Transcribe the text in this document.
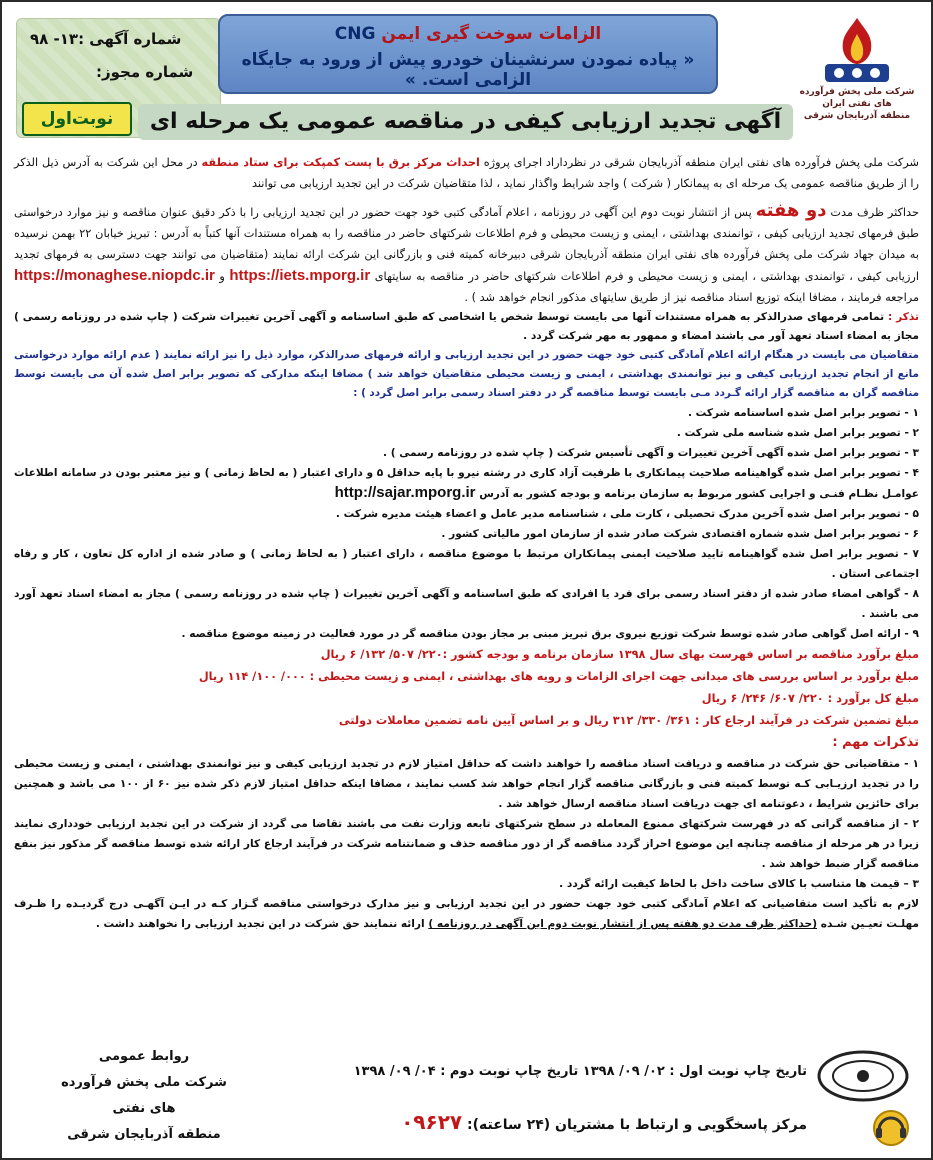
شماره آگهی :۱۳- ۹۸
شماره مجوز:
نوبت‌اول
الزامات سوخت گیری ایمن CNG
« پیاده نمودن سرنشینان خودرو پیش از ورود به جایگاه الزامی است. »
شرکت ملی پخش فرآورده های نفتی ایران
منطقه آذربایجان شرقی
آگهی تجدید ارزیابی کیفی در مناقصه عمومی یک مرحله ای

شرکت ملی پخش فرآورده های نفتی ایران منطقه آذربایجان شرقی در نظرداراد اجرای پروژه احداث مرکز برق با پست کمپکت برای ستاد منطقه در محل این شرکت به آدرس ذیل الذکر را از طریق مناقصه عمومی یک مرحله ای به پیمانکار ( شرکت ) واجد شرایط واگذار نماید ، لذا متقاضیان شرکت در این تجدید ارزیابی می توانند

حداکثر ظرف مدت دو هفته پس از انتشار نوبت دوم این آگهی در روزنامه ، اعلام آمادگی کتبی خود جهت حضور در این تجدید ارزیابی را با ذکر دقیق عنوان مناقصه و نیز موارد درخواستی طبق فرمهای تجدید ارزیابی کیفی ، توانمندی بهداشتی ، ایمنی و زیست محیطی و فرم اطلاعات شرکتهای حاضر در مناقصه را به همراه مستندات آنها کتباً به آدرس : تبریز خیابان ۲۲ بهمن نرسیده به میدان جهاد شرکت ملی پخش فرآورده های نفتی ایران منطقه آذربایجان شرقی دبیرخانه کمیته فنی و بازرگانی این شرکت ارائه نمایند (متقاضیان می توانند جهت دسترسی به فرمهای تجدید ارزیابی کیفی ، توانمندی بهداشتی ، ایمنی و زیست محیطی و فرم اطلاعات شرکتهای حاضر در مناقصه به سایتهای https://iets.mporg.ir و https://monaghese.niopdc.ir مراجعه فرمایند ، مضافا اینکه توزیع اسناد مناقصه نیز از طریق سایتهای مذکور انجام خواهد شد ) .

تذکر : تمامی فرمهای صدرالذکر به همراه مستندات آنها می بایست توسط شخص یا اشخاصی که طبق اساسنامه و آگهی آخرین تغییرات شرکت ( چاپ شده در روزنامه رسمی ) مجاز به امضاء اسناد تعهد آور می باشند امضاء و ممهور به مهر شرکت گردد .

متقاضیان می بایست در هنگام ارائه اعلام آمادگی کتبی خود جهت حضور در این تجدید ارزیابی و ارائه فرمهای صدرالذکر، موارد ذیل را نیز ارائه نمایند ( عدم ارائه موارد درخواستی مانع از انجام تجدید ارزیابی کیفی و نیز توانمندی بهداشتی ، ایمنی و زیست محیطی متقاضیان خواهد شد ) مضافا اینکه مدارکی که تصویر برابر اصل شده آن می بایست توسط مناقصه گران به مناقصه گزار ارائه گـردد مـی بایست توسط مناقصه گر در دفتر اسناد رسمی برابر اصل گردد ) :

۱ - تصویر برابر اصل شده اساسنامه شرکت .
۲ - تصویر برابر اصل شده شناسه ملی شرکت .
۳ - تصویر برابر اصل شده آگهی آخرین تغییرات و آگهی تأسیس شرکت ( چاپ شده در روزنامه رسمی ) .
۴ - تصویر برابر اصل شده گواهینامه صلاحیت پیمانکاری با ظرفیت آزاد کاری در رشته نیرو با پایه حداقل ۵ و دارای اعتبار ( به لحاظ زمانی ) و نیز معتبر بودن در سامانه اطلاعات عوامـل نظـام فنـی و اجرایی کشور مربوط به سازمان برنامه و بودجه کشور به آدرس http://sajar.mporg.ir
۵ - تصویر برابر اصل شده آخرین مدرک تحصیلی ، کارت ملی ، شناسنامه مدیر عامل و اعضاء هیئت مدیره شرکت .
۶ - تصویر برابر اصل شده شماره اقتصادی شرکت صادر شده از سازمان امور مالیاتی کشور .
۷ - تصویر برابر اصل شده گواهینامه تایید صلاحیت ایمنی پیمانکاران مرتبط با موضوع مناقصه ، دارای اعتبار ( به لحاظ زمانی ) و صادر شده از اداره کل تعاون ، کار و رفاه اجتماعی استان .
۸ - گواهی امضاء صادر شده از دفتر اسناد رسمی برای فرد یا افرادی که طبق اساسنامه و آگهی آخرین تغییرات ( چاپ شده در روزنامه رسمی ) مجاز به امضاء اسناد تعهد آورد می باشند .
۹ - ارائه اصل گواهی صادر شده توسط شرکت توزیع نیروی برق تبریز مبنی بر مجاز بودن مناقصه گر در مورد فعالیت در زمینه موضوع مناقصه .

مبلغ برآورد مناقصه بر اساس فهرست بهای سال ۱۳۹۸ سازمان برنامه و بودجه کشور :۲۲۰/ ۵۰۷/ ۱۳۲/ ۶ ریال

مبلغ برآورد بر اساس بررسی های میدانی جهت اجرای الزامات و رویه های بهداشتی ، ایمنی و زیست محیطی : ۰۰۰/ ۱۰۰/ ۱۱۴ ریال

مبلغ کل برآورد : ۲۲۰/ ۶۰۷/ ۲۴۶/ ۶ ریال

مبلغ تضمین شرکت در فرآیند ارجاع کار : ۳۶۱/ ۳۳۰/ ۳۱۲ ریال و بر اساس آیین نامه تضمین معاملات دولتی

تذکرات مهم :

۱ - متقاضیانی حق شرکت در مناقصه و دریافت اسناد مناقصه را خواهند داشت که حداقل امتیاز لازم در تجدید ارزیابی کیفی و نیز توانمندی بهداشتی ، ایمنی و زیست محیطی را در تجدید ارزیـابی کـه توسط کمیته فنی و بازرگانی مناقصه گزار انجام خواهد شد کسب نمایند ، مضافا اینکه حداقل امتیاز لازم ذکر شده نیز ۶۰ از ۱۰۰ می باشد و همچنین برای حائزین شرایط ، دعوتنامه ای جهت دریافت اسناد مناقصه ارسال خواهد شد .

۲ - از مناقصه گرانی که در فهرست شرکتهای ممنوع المعامله در سطح شرکتهای تابعه وزارت نفت می باشند تقاضا می گردد از شرکت در این تجدید ارزیابی خودداری نمایند زیرا در هر مرحله از مناقصه چنانچه این موضوع احراز گردد مناقصه گر از دور مناقصه حذف و ضمانتنامه شرکت در فرآیند ارجاع کار ارائه شده توسط مناقصه گر مذکور نیز بنفع مناقصه گزار ضبط خواهد شد .

۳ – قیمت ها متناسب با کالای ساخت داخل با لحاظ کیفیت ارائه گردد .

لازم به تأکید است متقاضیانی که اعلام آمادگی کتبی خود جهت حضور در این تجدید ارزیابی و نیز مدارک درخواستی مناقصه گـزار کـه در ایـن آگهـی درج گردیـده را ظـرف مهلـت تعیـین شـده (حداکثر ظرف مدت دو هفته پس از انتشار نوبت دوم این آگهی در روزنامه ) ارائه ننمایند حق شرکت در این تجدید ارزیابی را نخواهند داشت .

تاریخ چاپ نوبت اول : ۰۲/ ۰۹/ ۱۳۹۸ تاریخ چاپ نوبت دوم : ۰۴/ ۰۹/ ۱۳۹۸
مرکز پاسخگویی و ارتباط با مشتریان (۲۴ ساعته): ۰۹۶۲۷
روابط عمومی
شرکت ملی پخش فرآورده های نفتی
منطقه آذربایجان شرقی
